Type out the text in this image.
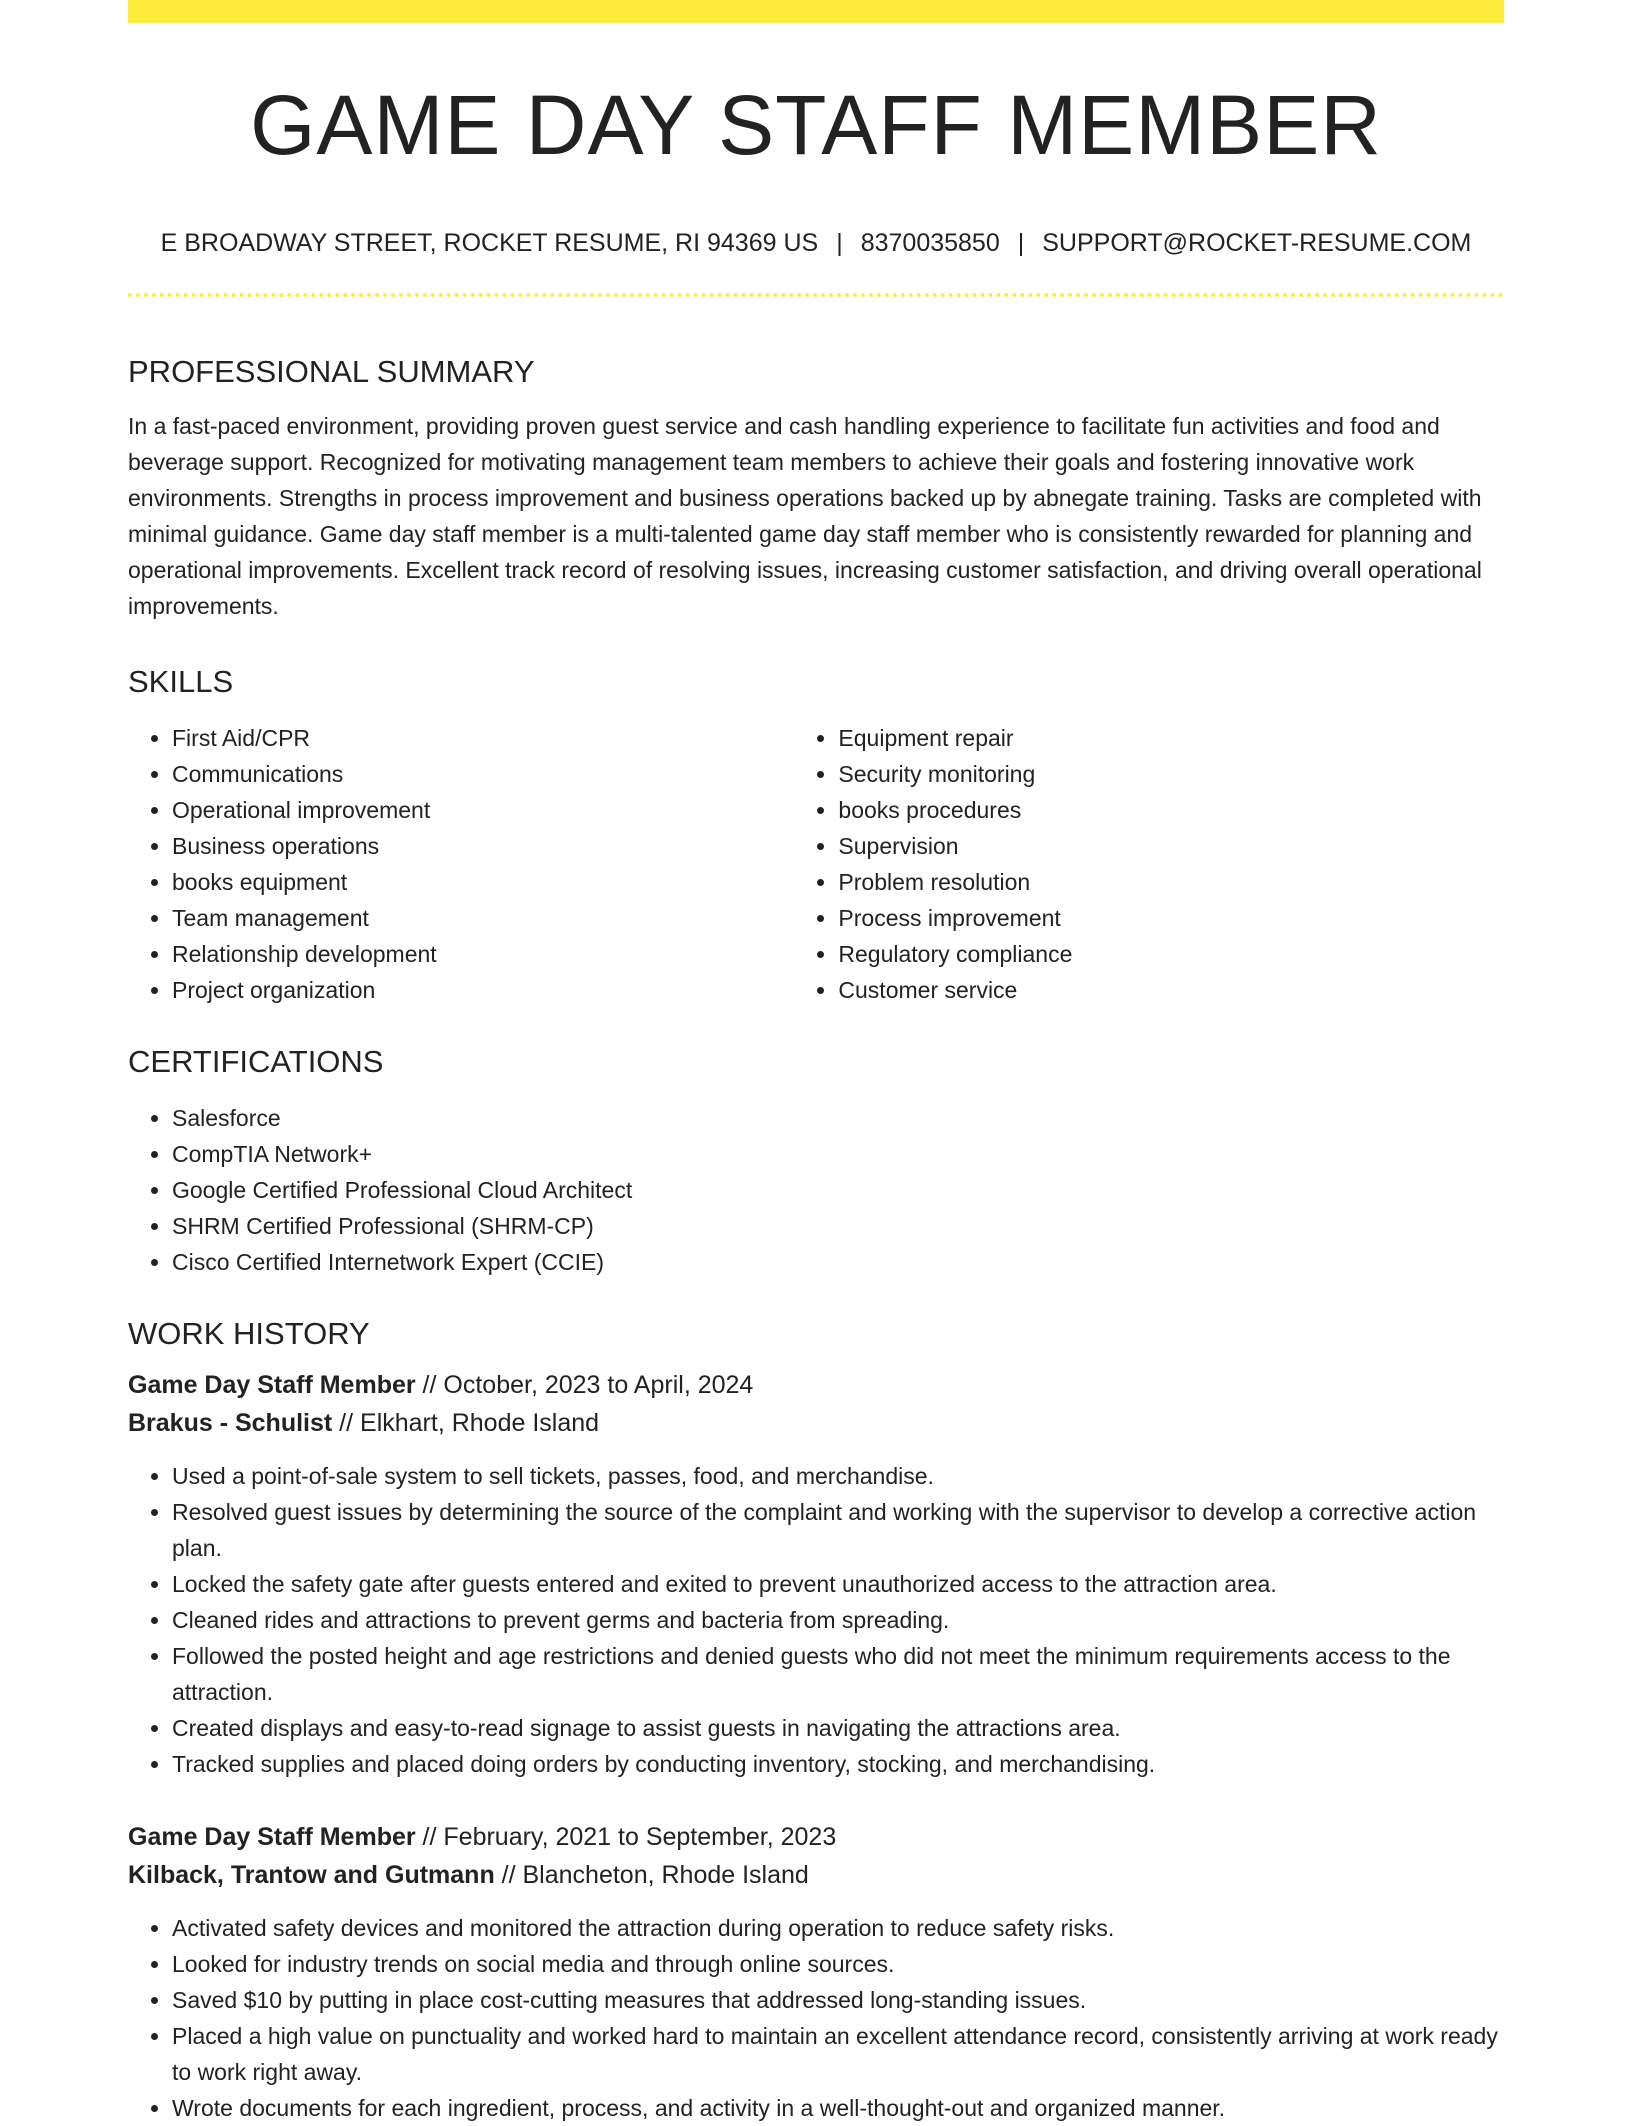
GAME DAY STAFF MEMBER
E BROADWAY STREET, ROCKET RESUME, RI 94369 US | 8370035850 | SUPPORT@ROCKET-RESUME.COM
PROFESSIONAL SUMMARY

In a fast-paced environment, providing proven guest service and cash handling experience to facilitate fun activities and food and beverage support. Recognized for motivating management team members to achieve their goals and fostering innovative work environments. Strengths in process improvement and business operations backed up by abnegate training. Tasks are completed with minimal guidance. Game day staff member is a multi-talented game day staff member who is consistently rewarded for planning and operational improvements. Excellent track record of resolving issues, increasing customer satisfaction, and driving overall operational improvements.

SKILLS
• First Aid/CPR
• Communications
• Operational improvement
• Business operations
• books equipment
• Team management
• Relationship development
• Project organization
• Equipment repair
• Security monitoring
• books procedures
• Supervision
• Problem resolution
• Process improvement
• Regulatory compliance
• Customer service
CERTIFICATIONS
• Salesforce
• CompTIA Network+
• Google Certified Professional Cloud Architect
• SHRM Certified Professional (SHRM-CP)
• Cisco Certified Internetwork Expert (CCIE)
WORK HISTORY
Game Day Staff Member // October, 2023 to April, 2024
Brakus - Schulist // Elkhart, Rhode Island
• Used a point-of-sale system to sell tickets, passes, food, and merchandise.
• Resolved guest issues by determining the source of the complaint and working with the supervisor to develop a corrective action plan.
• Locked the safety gate after guests entered and exited to prevent unauthorized access to the attraction area.
• Cleaned rides and attractions to prevent germs and bacteria from spreading.
• Followed the posted height and age restrictions and denied guests who did not meet the minimum requirements access to the attraction.
• Created displays and easy-to-read signage to assist guests in navigating the attractions area.
• Tracked supplies and placed doing orders by conducting inventory, stocking, and merchandising.
Game Day Staff Member // February, 2021 to September, 2023
Kilback, Trantow and Gutmann // Blancheton, Rhode Island
• Activated safety devices and monitored the attraction during operation to reduce safety risks.
• Looked for industry trends on social media and through online sources.
• Saved $10 by putting in place cost-cutting measures that addressed long-standing issues.
• Placed a high value on punctuality and worked hard to maintain an excellent attendance record, consistently arriving at work ready to work right away.
• Wrote documents for each ingredient, process, and activity in a well-thought-out and organized manner.
